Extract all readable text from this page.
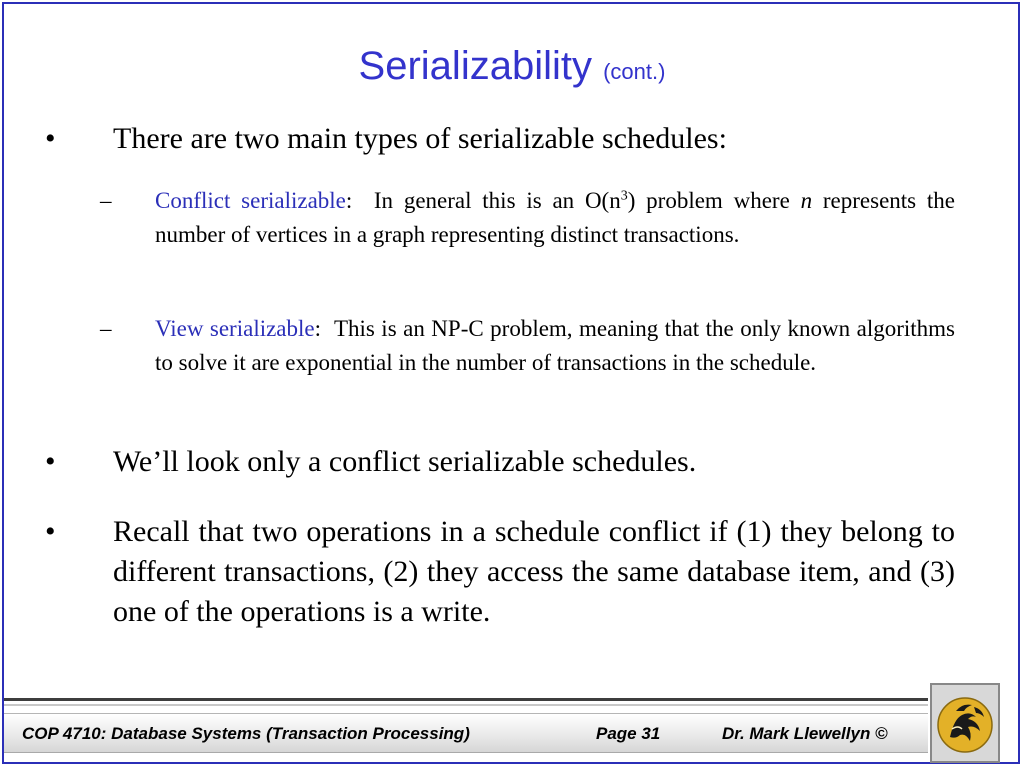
Serializability (cont.)
• There are two main types of serializable schedules:
– Conflict serializable: In general this is an $O(n^3)$ problem where n represents the number of vertices in a graph representing distinct transactions.
– View serializable: This is an NP-C problem, meaning that the only known algorithms to solve it are exponential in the number of transactions in the schedule.
• We’ll look only a conflict serializable schedules.
• Recall that two operations in a schedule conflict if (1) they belong to different transactions, (2) they access the same database item, and (3) one of the operations is a write.
COP 4710: Database Systems (Transaction Processing)	Page 31	Dr. Mark Llewellyn ©
